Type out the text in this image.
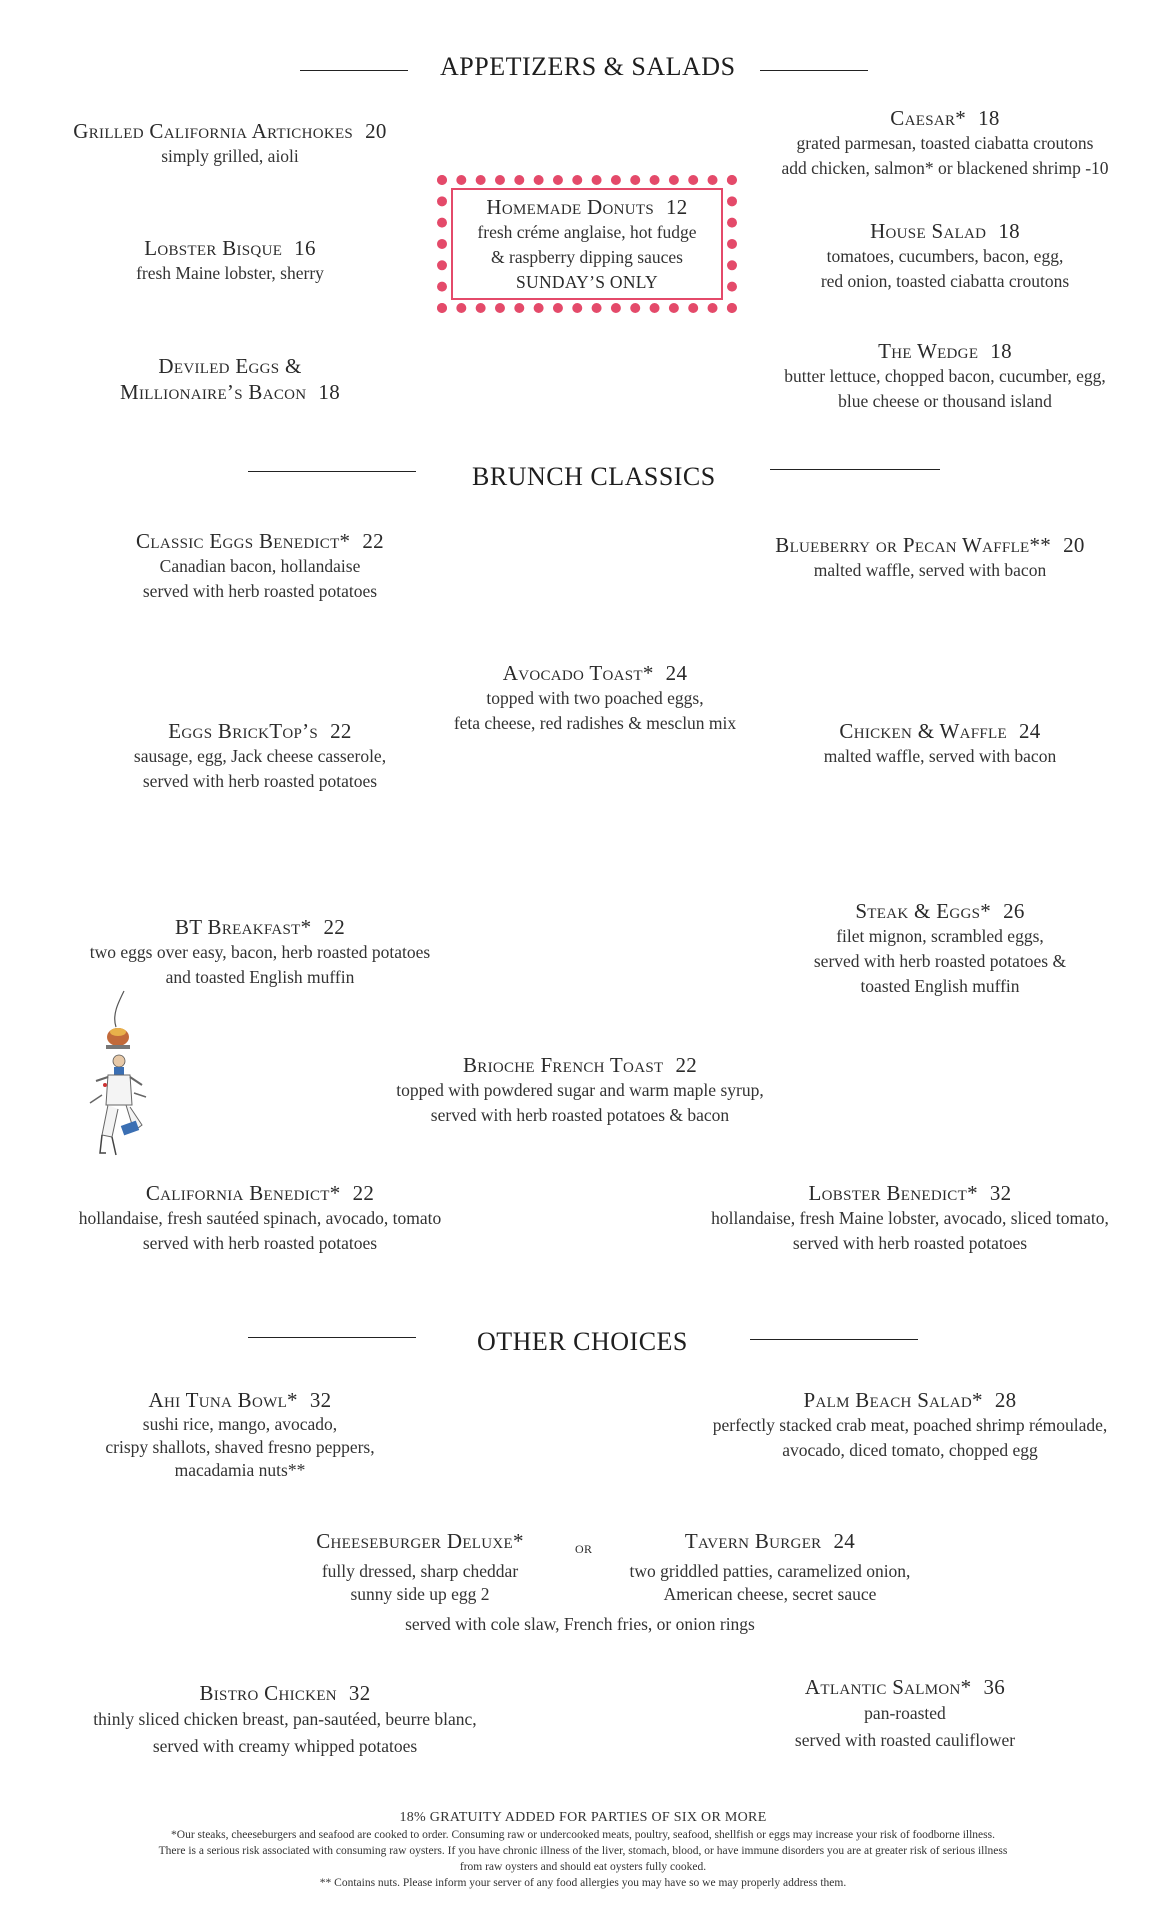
APPETIZERS & SALADS
Grilled California Artichokes 20
simply grilled, aioli
Lobster Bisque 16
fresh Maine lobster, sherry
Deviled Eggs &
Millionaire’s Bacon 18
Homemade Donuts 12
fresh créme anglaise, hot fudge
& raspberry dipping sauces
SUNDAY’S ONLY
Caesar* 18
grated parmesan, toasted ciabatta croutons
add chicken, salmon* or blackened shrimp -10
House Salad 18
tomatoes, cucumbers, bacon, egg,
red onion, toasted ciabatta croutons
The Wedge 18
butter lettuce, chopped bacon, cucumber, egg,
blue cheese or thousand island
BRUNCH CLASSICS
Classic Eggs Benedict* 22
Canadian bacon, hollandaise
served with herb roasted potatoes
Blueberry or Pecan Waffle** 20
malted waffle, served with bacon
Avocado Toast* 24
topped with two poached eggs,
feta cheese, red radishes & mesclun mix
Eggs BrickTop’s 22
sausage, egg, Jack cheese casserole,
served with herb roasted potatoes
Chicken & Waffle 24
malted waffle, served with bacon
BT Breakfast* 22
two eggs over easy, bacon, herb roasted potatoes
and toasted English muffin
Steak & Eggs* 26
filet mignon, scrambled eggs,
served with herb roasted potatoes &
toasted English muffin
Brioche French Toast 22
topped with powdered sugar and warm maple syrup,
served with herb roasted potatoes & bacon
California Benedict* 22
hollandaise, fresh sautéed spinach, avocado, tomato
served with herb roasted potatoes
Lobster Benedict* 32
hollandaise, fresh Maine lobster, avocado, sliced tomato,
served with herb roasted potatoes
OTHER CHOICES
Ahi Tuna Bowl* 32
sushi rice, mango, avocado,
crispy shallots, shaved fresno peppers,
macadamia nuts**
Palm Beach Salad* 28
perfectly stacked crab meat, poached shrimp rémoulade,
avocado, diced tomato, chopped egg
Cheeseburger Deluxe*
fully dressed, sharp cheddar
sunny side up egg 2
or	Tavern Burger 24
two griddled patties, caramelized onion,
American cheese, secret sauce
served with cole slaw, French fries, or onion rings
Bistro Chicken 32
thinly sliced chicken breast, pan-sautéed, beurre blanc,
served with creamy whipped potatoes
Atlantic Salmon* 36
pan-roasted
served with roasted cauliflower
18% GRATUITY ADDED FOR PARTIES OF SIX OR MORE
*Our steaks, cheeseburgers and seafood are cooked to order. Consuming raw or undercooked meats, poultry, seafood, shellfish or eggs may increase your risk of foodborne illness.
There is a serious risk associated with consuming raw oysters. If you have chronic illness of the liver, stomach, blood, or have immune disorders you are at greater risk of serious illness
from raw oysters and should eat oysters fully cooked.
** Contains nuts. Please inform your server of any food allergies you may have so we may properly address them.
